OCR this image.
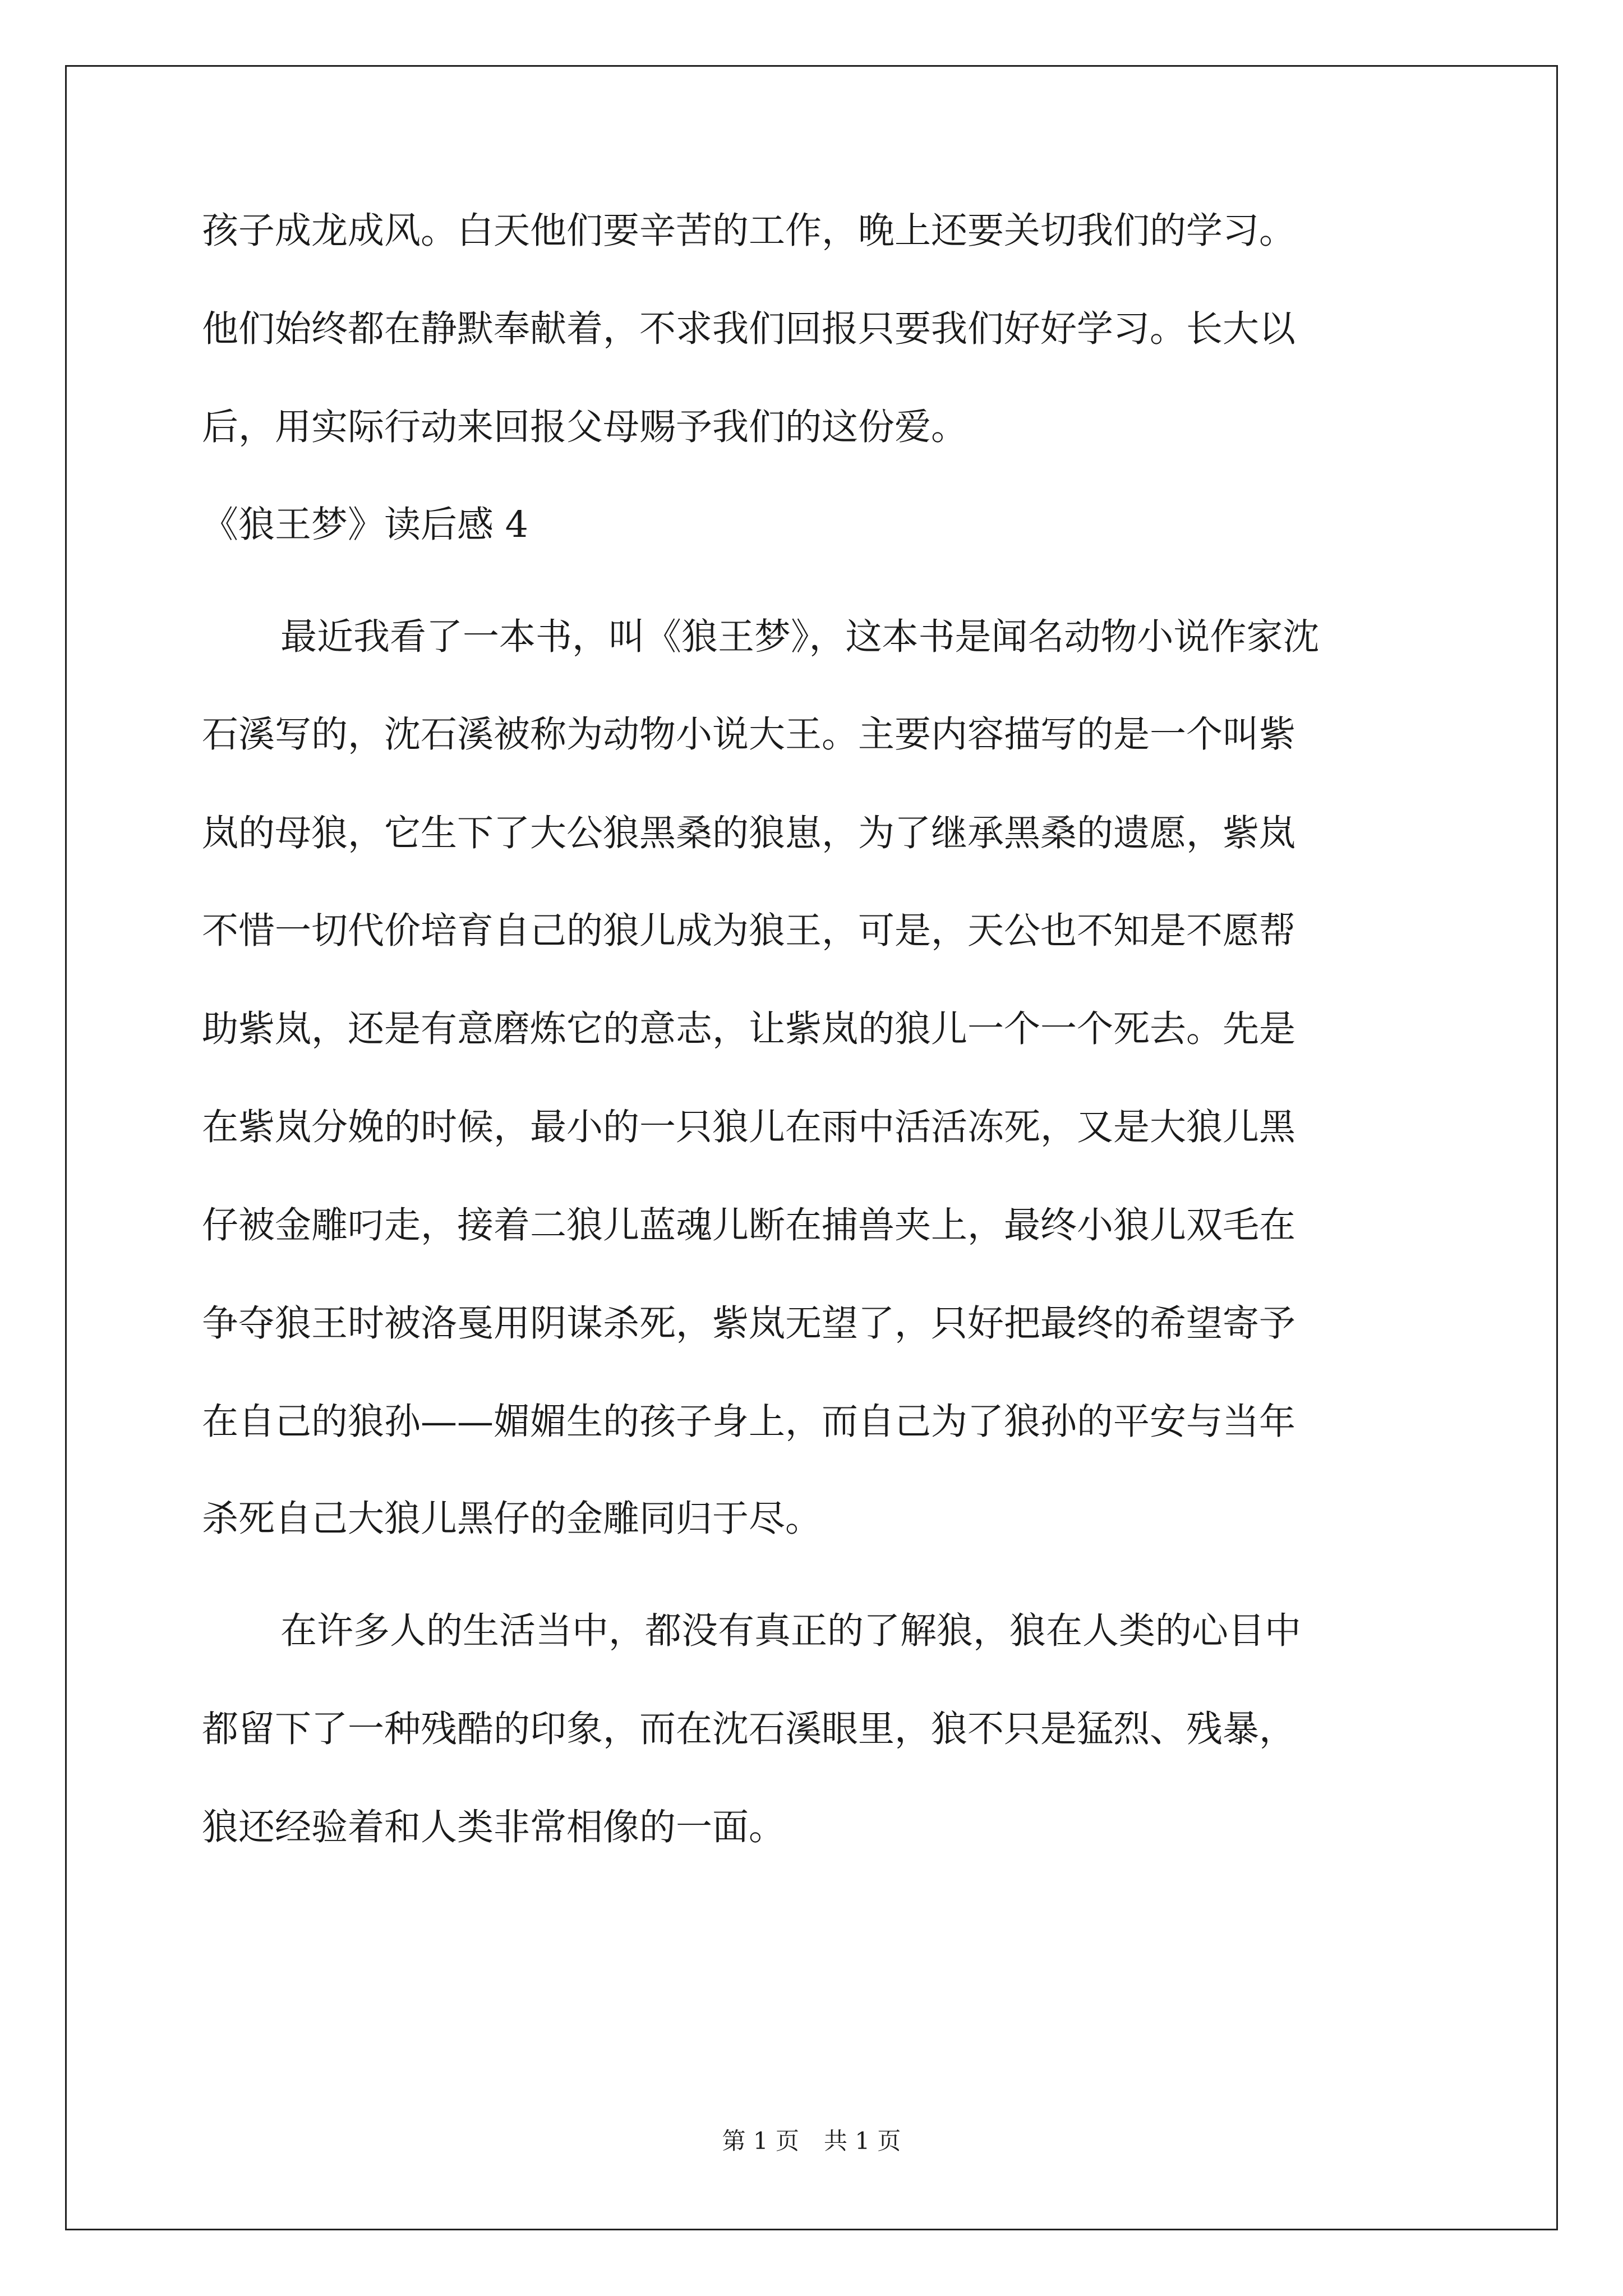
孩子成龙成风。白天他们要辛苦的工作，晚上还要关切我们的学习。
他们始终都在静默奉献着，不求我们回报只要我们好好学习。长大以
后，用实际行动来回报父母赐予我们的这份爱。
《狼王梦》读后感 4
最近我看了一本书，叫《狼王梦》，这本书是闻名动物小说作家沈
石溪写的，沈石溪被称为动物小说大王。主要内容描写的是一个叫紫
岚的母狼，它生下了大公狼黑桑的狼崽，为了继承黑桑的遗愿，紫岚
不惜一切代价培育自己的狼儿成为狼王，可是，天公也不知是不愿帮
助紫岚，还是有意磨炼它的意志，让紫岚的狼儿一个一个死去。先是
在紫岚分娩的时候，最小的一只狼儿在雨中活活冻死，又是大狼儿黑
仔被金雕叼走，接着二狼儿蓝魂儿断在捕兽夹上，最终小狼儿双毛在
争夺狼王时被洛戛用阴谋杀死，紫岚无望了，只好把最终的希望寄予
在自己的狼孙——媚媚生的孩子身上，而自己为了狼孙的平安与当年
杀死自己大狼儿黑仔的金雕同归于尽。
在许多人的生活当中，都没有真正的了解狼，狼在人类的心目中
都留下了一种残酷的印象，而在沈石溪眼里，狼不只是猛烈、残暴，
狼还经验着和人类非常相像的一面。
第 1 页 共 1 页
